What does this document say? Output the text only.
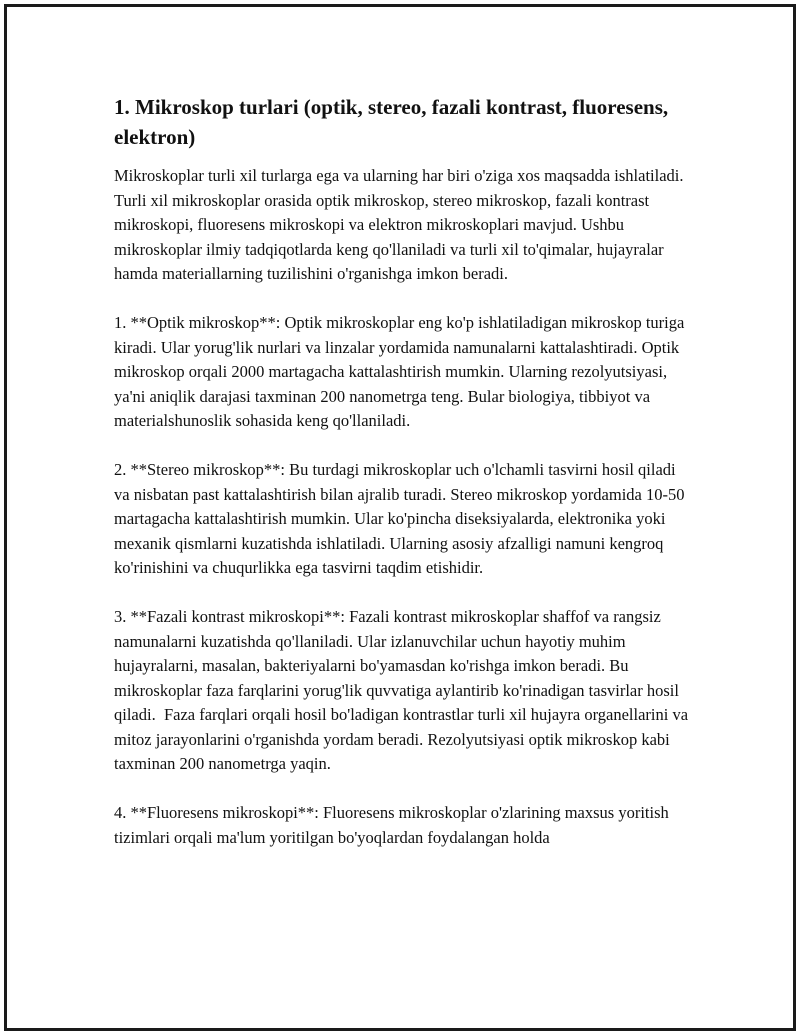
1. Mikroskop turlari (optik, stereo, fazali kontrast, fluoresens, elektron)

Mikroskoplar turli xil turlarga ega va ularning har biri o'ziga xos maqsadda ishlatiladi. Turli xil mikroskoplar orasida optik mikroskop, stereo mikroskop, fazali kontrast mikroskopi, fluoresens mikroskopi va elektron mikroskoplari mavjud. Ushbu mikroskoplar ilmiy tadqiqotlarda keng qo'llaniladi va turli xil to'qimalar, hujayralar hamda materiallarning tuzilishini o'rganishga imkon beradi.

1. **Optik mikroskop**: Optik mikroskoplar eng ko'p ishlatiladigan mikroskop turiga kiradi. Ular yorug'lik nurlari va linzalar yordamida namunalarni kattalashtiradi. Optik mikroskop orqali 2000 martagacha kattalashtirish mumkin. Ularning rezolyutsiyasi, ya'ni aniqlik darajasi taxminan 200 nanometrga teng. Bular biologiya, tibbiyot va materialshunoslik sohasida keng qo'llaniladi.

2. **Stereo mikroskop**: Bu turdagi mikroskoplar uch o'lchamli tasvirni hosil qiladi va nisbatan past kattalashtirish bilan ajralib turadi. Stereo mikroskop yordamida 10-50 martagacha kattalashtirish mumkin. Ular ko'pincha diseksiyalarda, elektronika yoki mexanik qismlarni kuzatishda ishlatiladi. Ularning asosiy afzalligi namuni kengroq ko'rinishini va chuqurlikka ega tasvirni taqdim etishidir.

3. **Fazali kontrast mikroskopi**: Fazali kontrast mikroskoplar shaffof va rangsiz namunalarni kuzatishda qo'llaniladi. Ular izlanuvchilar uchun hayotiy muhim hujayralarni, masalan, bakteriyalarni bo'yamasdan ko'rishga imkon beradi. Bu mikroskoplar faza farqlarini yorug'lik quvvatiga aylantirib ko'rinadigan tasvirlar hosil qiladi.  Faza farqlari orqali hosil bo'ladigan kontrastlar turli xil hujayra organellarini va mitoz jarayonlarini o'rganishda yordam beradi. Rezolyutsiyasi optik mikroskop kabi taxminan 200 nanometrga yaqin.

4. **Fluoresens mikroskopi**: Fluoresens mikroskoplar o'zlarining maxsus yoritish tizimlari orqali ma'lum yoritilgan bo'yoqlardan foydalangan holda
